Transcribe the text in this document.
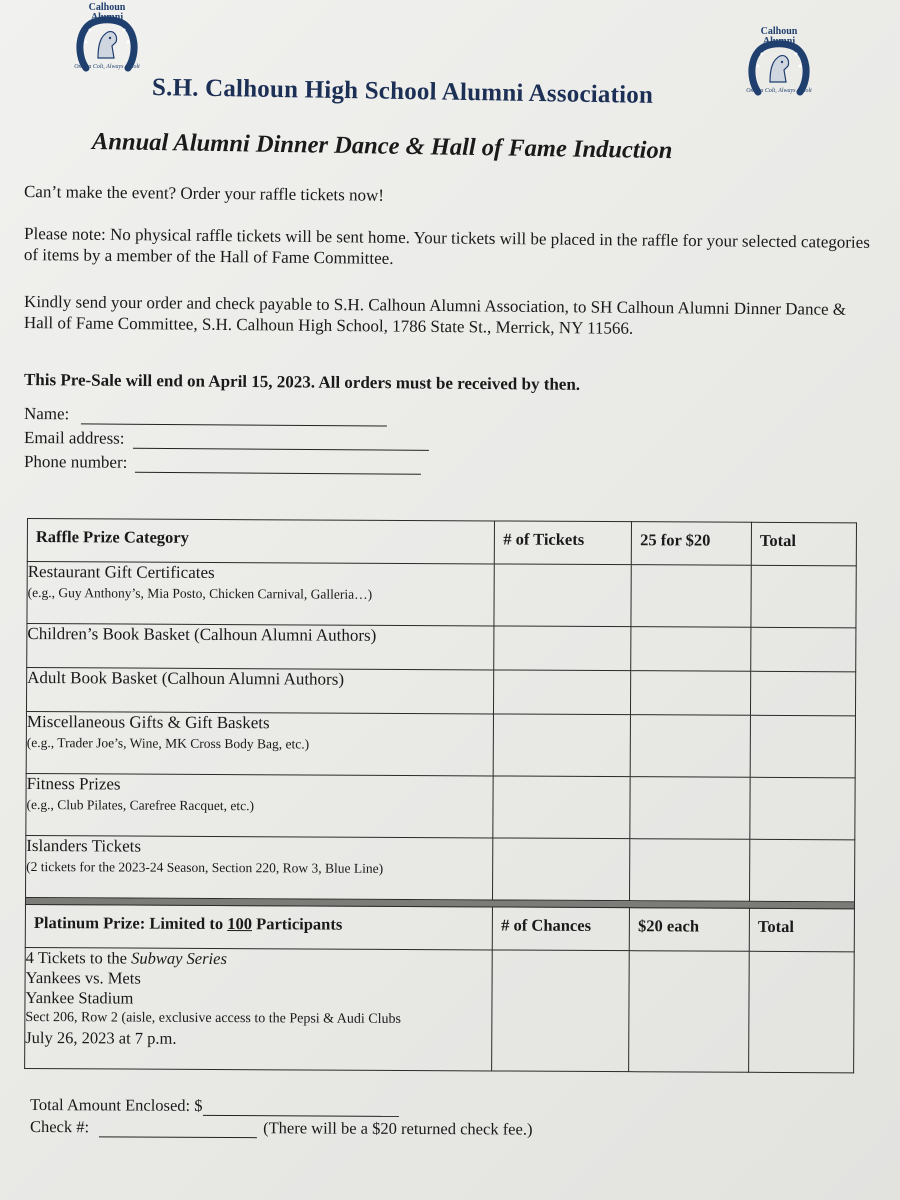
Calhoun
Alumni
Once a Colt, Always a Colt
Calhoun
Alumni
Once a Colt, Always a Colt
S.H. Calhoun High School Alumni Association
Annual Alumni Dinner Dance & Hall of Fame Induction
Can’t make the event? Order your raffle tickets now!
Please note: No physical raffle tickets will be sent home. Your tickets will be placed in the raffle for your selected categories of items by a member of the Hall of Fame Committee.
Kindly send your order and check payable to S.H. Calhoun Alumni Association, to SH Calhoun Alumni Dinner Dance & Hall of Fame Committee, S.H. Calhoun High School, 1786 State St., Merrick, NY 11566.
This Pre-Sale will end on April 15, 2023. All orders must be received by then.
Name:
Email address:
Phone number:
Raffle Prize Category	# of Tickets	25 for $20	Total

Restaurant Gift Certificates
(e.g., Guy Anthony’s, Mia Posto, Chicken Carnival, Galleria…)			

Children’s Book Basket (Calhoun Alumni Authors)			

Adult Book Basket (Calhoun Alumni Authors)			

Miscellaneous Gifts & Gift Baskets
(e.g., Trader Joe’s, Wine, MK Cross Body Bag, etc.)			

Fitness Prizes
(e.g., Club Pilates, Carefree Racquet, etc.)			

Islanders Tickets
(2 tickets for the 2023-24 Season, Section 220, Row 3, Blue Line)			

Platinum Prize: Limited to 100 Participants	# of Chances	$20 each	Total

4 Tickets to the Subway Series
Yankees vs. Mets
Yankee Stadium
Sect 206, Row 2 (aisle, exclusive access to the Pepsi & Audi Clubs
July 26, 2023 at 7 p.m.			

Total Amount Enclosed: $
Check #:	(There will be a $20 returned check fee.)
